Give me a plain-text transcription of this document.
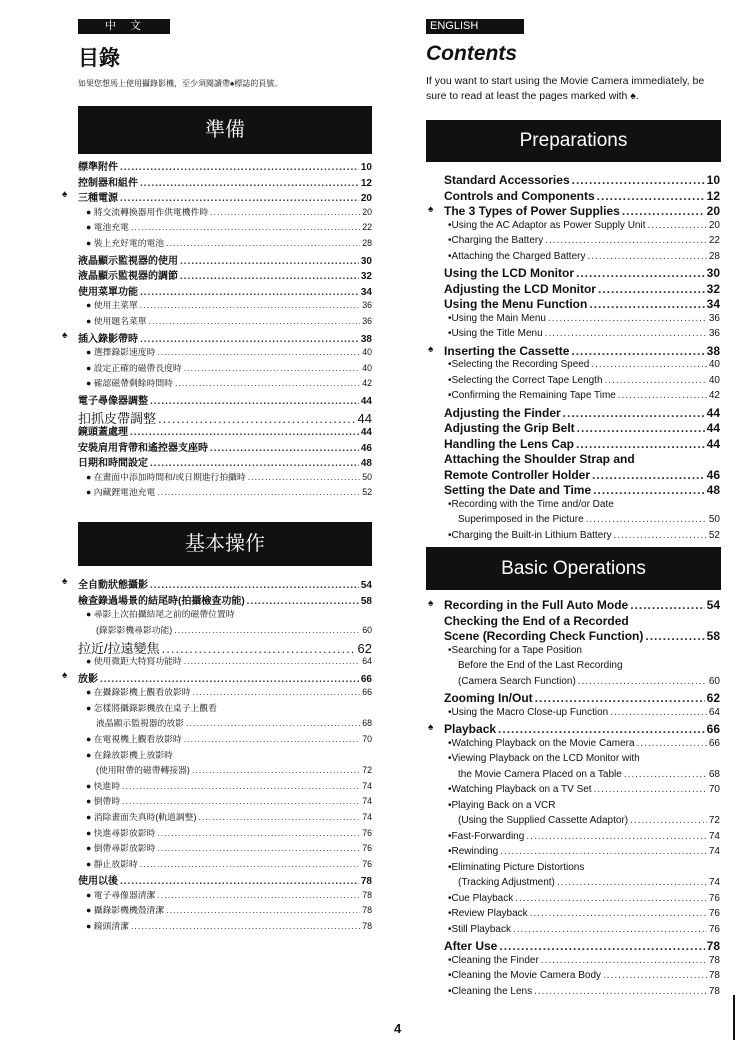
中文
目錄
如果您想馬上使用攝錄影機，至少須閱讀帶♠標誌的頁號。
準備
標準附件 .....	10
控制器和組件 .....	12
♠ 三種電源 .....	20
● 將交流轉換器用作供電機件時 .....	20
● 電池充電 .....	22
● 裝上充好電的電池 .....	28
液晶顯示監視器的使用 .....	30
液晶顯示監視器的調節 .....	32
使用菜單功能 .....	34
● 使用主菜單 .....	36
● 使用題名菜單 .....	36
♠ 插入錄影帶時 .....	38
● 選擇錄影速度時 .....	40
● 設定正確的磁帶長度時 .....	40
● 確認磁帶剩餘時間時 .....	42
電子尋像器調整 .....	44
扣抓皮帶調整 .....	44
鏡頭蓋處理 .....	44
安裝肩用背帶和遙控器支座時 .....	46
日期和時間設定 .....	48
● 在畫面中添加時間和/或日期進行拍攝時 .....	50
● 內藏鋰電池充電 .....	52
基本操作
♠ 全自動狀態攝影 .....	54
檢查錄過場景的結尾時(拍攝檢查功能) .....	58
● 尋影上次拍攝結尾之前的磁帶位置時
(錄影影機尋影功能) .....	60
拉近/拉遠變焦 .....	62
● 使用微距大特寫功能時 .....	64
♠ 放影 .....	66
● 在攝錄影機上觀看放影時 .....	66
● 怎樣將攝錄影機放在桌子上觀看
液晶顯示監視器的放影 .....	68
● 在電視機上觀看放影時 .....	70
● 在錄放影機上放影時
(使用附帶的磁帶轉接器) .....	72
● 快進時 .....	74
● 倒帶時 .....	74
● 消除畫面失真時(軌道調整) .....	74
● 快進尋影放影時 .....	76
● 倒帶尋影放影時 .....	76
● 靜止放影時 .....	76
使用以後 .....	78
● 電子尋像器清潔 .....	78
● 攝錄影機機殼清潔 .....	78
● 鏡頭清潔 .....	78
ENGLISH
Contents
If you want to start using the Movie Camera immediately, be sure to read at least the pages marked with ♠.
Preparations
Standard Accessories .....	10
Controls and Components .....	12
♠ The 3 Types of Power Supplies .....	20
•Using the AC Adaptor as Power Supply Unit .....	20
•Charging the Battery .....	22
•Attaching the Charged Battery .....	28
Using the LCD Monitor .....	30
Adjusting the LCD Monitor .....	32
Using the Menu Function .....	34
•Using the Main Menu .....	36
•Using the Title Menu .....	36
♠ Inserting the Cassette .....	38
•Selecting the Recording Speed .....	40
•Selecting the Correct Tape Length .....	40
•Confirming the Remaining Tape Time .....	42
Adjusting the Finder .....	44
Adjusting the Grip Belt .....	44
Handling the Lens Cap .....	44
Attaching the Shoulder Strap and
Remote Controller Holder .....	46
Setting the Date and Time .....	48
•Recording with the Time and/or Date
Superimposed in the Picture .....	50
•Charging the Built-in Lithium Battery .....	52
Basic Operations
♠ Recording in the Full Auto Mode .....	54
Checking the End of a Recorded
Scene (Recording Check Function) .....	58
•Searching for a Tape Position
Before the End of the Last Recording
(Camera Search Function) .....	60
Zooming In/Out .....	62
•Using the Macro Close-up Function .....	64
♠ Playback .....	66
•Watching Playback on the Movie Camera .....	66
•Viewing Playback on the LCD Monitor with
the Movie Camera Placed on a Table .....	68
•Watching Playback on a TV Set .....	70
•Playing Back on a VCR
(Using the Supplied Cassette Adaptor) .....	72
•Fast-Forwarding .....	74
•Rewinding .....	74
•Eliminating Picture Distortions
(Tracking Adjustment) .....	74
•Cue Playback .....	76
•Review Playback .....	76
•Still Playback .....	76
After Use .....	78
•Cleaning the Finder .....	78
•Cleaning the Movie Camera Body .....	78
•Cleaning the Lens .....	78
4
